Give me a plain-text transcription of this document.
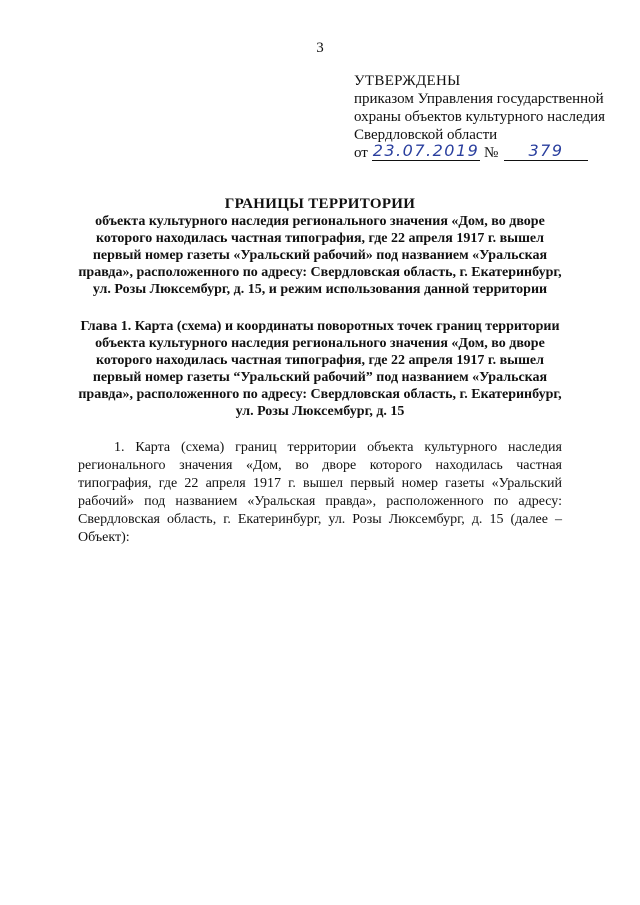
3
УТВЕРЖДЕНЫ
приказом Управления государственной
охраны объектов культурного наследия
Свердловской области
от 23.07.2019 №	379
ГРАНИЦЫ ТЕРРИТОРИИ
объекта культурного наследия регионального значения «Дом, во дворе которого находилась частная типография, где 22 апреля 1917 г. вышел первый номер газеты «Уральский рабочий» под названием «Уральская правда», расположенного по адресу: Свердловская область, г. Екатеринбург, ул. Розы Люксембург, д. 15, и режим использования данной территории
Глава 1. Карта (схема) и координаты поворотных точек границ территории объекта культурного наследия регионального значения «Дом, во дворе которого находилась частная типография, где 22 апреля 1917 г. вышел первый номер газеты “Уральский рабочий” под названием «Уральская правда», расположенного по адресу: Свердловская область, г. Екатеринбург, ул. Розы Люксембург, д. 15
1. Карта (схема) границ территории объекта культурного наследия регионального значения «Дом, во дворе которого находилась частная типография, где 22 апреля 1917 г. вышел первый номер газеты «Уральский рабочий» под названием «Уральская правда», расположенного по адресу: Свердловская область, г. Екатеринбург, ул. Розы Люксембург, д. 15 (далее – Объект):
